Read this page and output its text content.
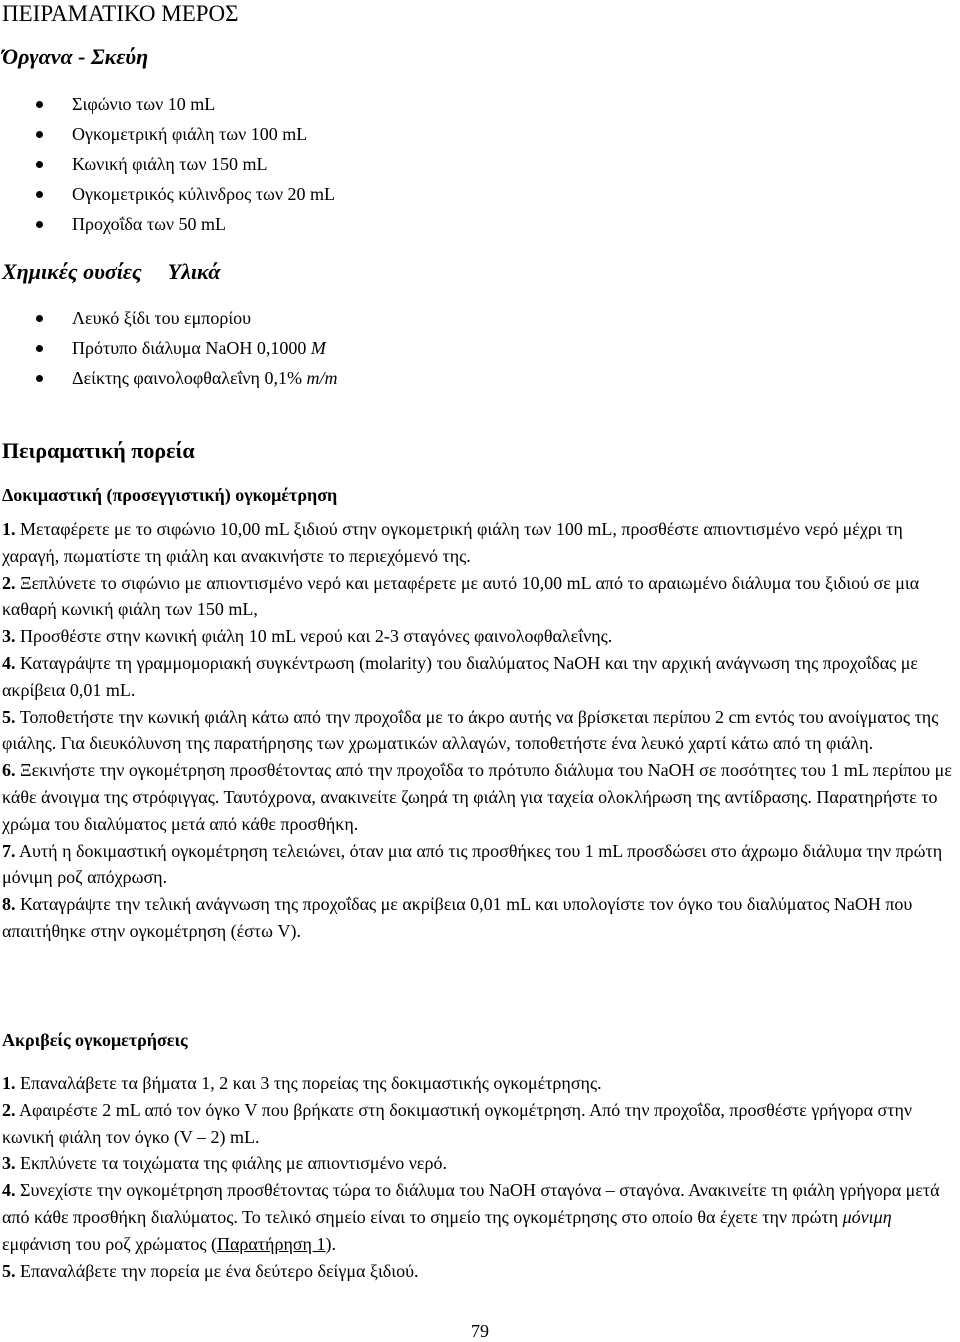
ΠΕΙΡΑΜΑΤΙΚΟ ΜΕΡΟΣ
Όργανα - Σκεύη
Σιφώνιο των 10 mL
Ογκομετρική φιάλη των 100 mL
Κωνική φιάλη των 150 mL
Ογκομετρικός κύλινδρος των 20 mL
Προχοΐδα των 50 mL
Χημικές ουσίες Υλικά
Λευκό ξίδι του εμπορίου
Πρότυπο διάλυμα NaOH 0,1000 M
Δείκτης φαινολοφθαλεΐνη 0,1% m/m
Πειραματική πορεία
Δοκιμαστική (προσεγγιστική) ογκομέτρηση

1. Μεταφέρετε με το σιφώνιο 10,00 mL ξιδιού στην ογκομετρική φιάλη των 100 mL, προσθέστε απιοντισμένο νερό μέχρι τη χαραγή, πωματίστε τη φιάλη και ανακινήστε το περιεχόμενό της.

2. Ξεπλύνετε το σιφώνιο με απιοντισμένο νερό και μεταφέρετε με αυτό 10,00 mL από το αραιωμένο διάλυμα του ξιδιού σε μια καθαρή κωνική φιάλη των 150 mL,

3. Προσθέστε στην κωνική φιάλη 10 mL νερού και 2-3 σταγόνες φαινολοφθαλεΐνης.

4. Καταγράψτε τη γραμμομοριακή συγκέντρωση (molarity) του διαλύματος NaOH και την αρχική ανάγνωση της προχοΐδας με ακρίβεια 0,01 mL.

5. Τοποθετήστε την κωνική φιάλη κάτω από την προχοΐδα με το άκρο αυτής να βρίσκεται περίπου 2 cm εντός του ανοίγματος της φιάλης. Για διευκόλυνση της παρατήρησης των χρωματικών αλλαγών, τοποθετήστε ένα λευκό χαρτί κάτω από τη φιάλη.

6. Ξεκινήστε την ογκομέτρηση προσθέτοντας από την προχοΐδα το πρότυπο διάλυμα του NaOH σε ποσότητες του 1 mL περίπου με κάθε άνοιγμα της στρόφιγγας. Ταυτόχρονα, ανακινείτε ζωηρά τη φιάλη για ταχεία ολοκλήρωση της αντίδρασης. Παρατηρήστε το χρώμα του διαλύματος μετά από κάθε προσθήκη.

7. Αυτή η δοκιμαστική ογκομέτρηση τελειώνει, όταν μια από τις προσθήκες του 1 mL προσδώσει στο άχρωμο διάλυμα την πρώτη μόνιμη ροζ απόχρωση.

8. Καταγράψτε την τελική ανάγνωση της προχοΐδας με ακρίβεια 0,01 mL και υπολογίστε τον όγκο του διαλύματος NaOH που απαιτήθηκε στην ογκομέτρηση (έστω V).

Ακριβείς ογκομετρήσεις

1. Επαναλάβετε τα βήματα 1, 2 και 3 της πορείας της δοκιμαστικής ογκομέτρησης.

2. Αφαιρέστε 2 mL από τον όγκο V που βρήκατε στη δοκιμαστική ογκομέτρηση. Από την προχοΐδα, προσθέστε γρήγορα στην κωνική φιάλη τον όγκο (V – 2) mL.

3. Εκπλύνετε τα τοιχώματα της φιάλης με απιοντισμένο νερό.

4. Συνεχίστε την ογκομέτρηση προσθέτοντας τώρα το διάλυμα του NaOH σταγόνα – σταγόνα. Ανακινείτε τη φιάλη γρήγορα μετά από κάθε προσθήκη διαλύματος. Το τελικό σημείο είναι το σημείο της ογκομέτρησης στο οποίο θα έχετε την πρώτη μόνιμη εμφάνιση του ροζ χρώματος (Παρατήρηση 1).

5. Επαναλάβετε την πορεία με ένα δεύτερο δείγμα ξιδιού.

79
